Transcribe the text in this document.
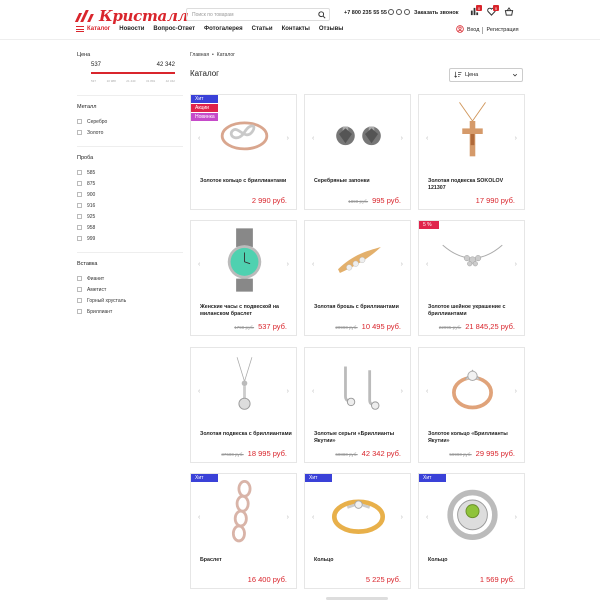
Кристалл
Поиск по товарам	+7 800 235 55 55	Заказать звонок
0	0
Каталог Новости Вопрос-Ответ Фотогалерея Статьи Контакты Отзывы	Вход Регистрация
Цена
537	42 342
537	10 988	21 440	31 891	42 342
Металл
Серебро
Золото
Проба
585
875
900
916
925
958
999
Вставка
Фианит
Аметист
Горный хрусталь
Бриллиант
Главная • Каталог
Каталог	Цена
‹	›
Золотое кольцо с бриллиантами
2 990 руб.
Хит
Акции
Новинка
‹	›
Серебряные запонки
1890 руб. 995 руб.
‹	›
Золотая подвеска SOKOLOV 121307
17 990 руб.
‹	›
Женские часы с подвеской на миланском браслет
1790 руб. 537 руб.
‹	›
Золотая брошь с бриллиантами
20990 руб. 10 495 руб.
‹	›
Золотое шейное украшение с бриллиантами
22995 руб. 21 845,25 руб.
5 %
‹	›
Золотая подвеска с бриллиантами
37600 руб. 18 995 руб.
‹	›
Золотые серьги «Бриллианты Якутии»
60880 руб. 42 342 руб.
‹	›
Золотое кольцо «Бриллианты Якутии»
59990 руб. 29 995 руб.
‹	›
Браслет
16 400 руб.
Хит
‹	›
Кольцо
5 225 руб.
Хит
‹	›
Кольцо
1 569 руб.
Хит
